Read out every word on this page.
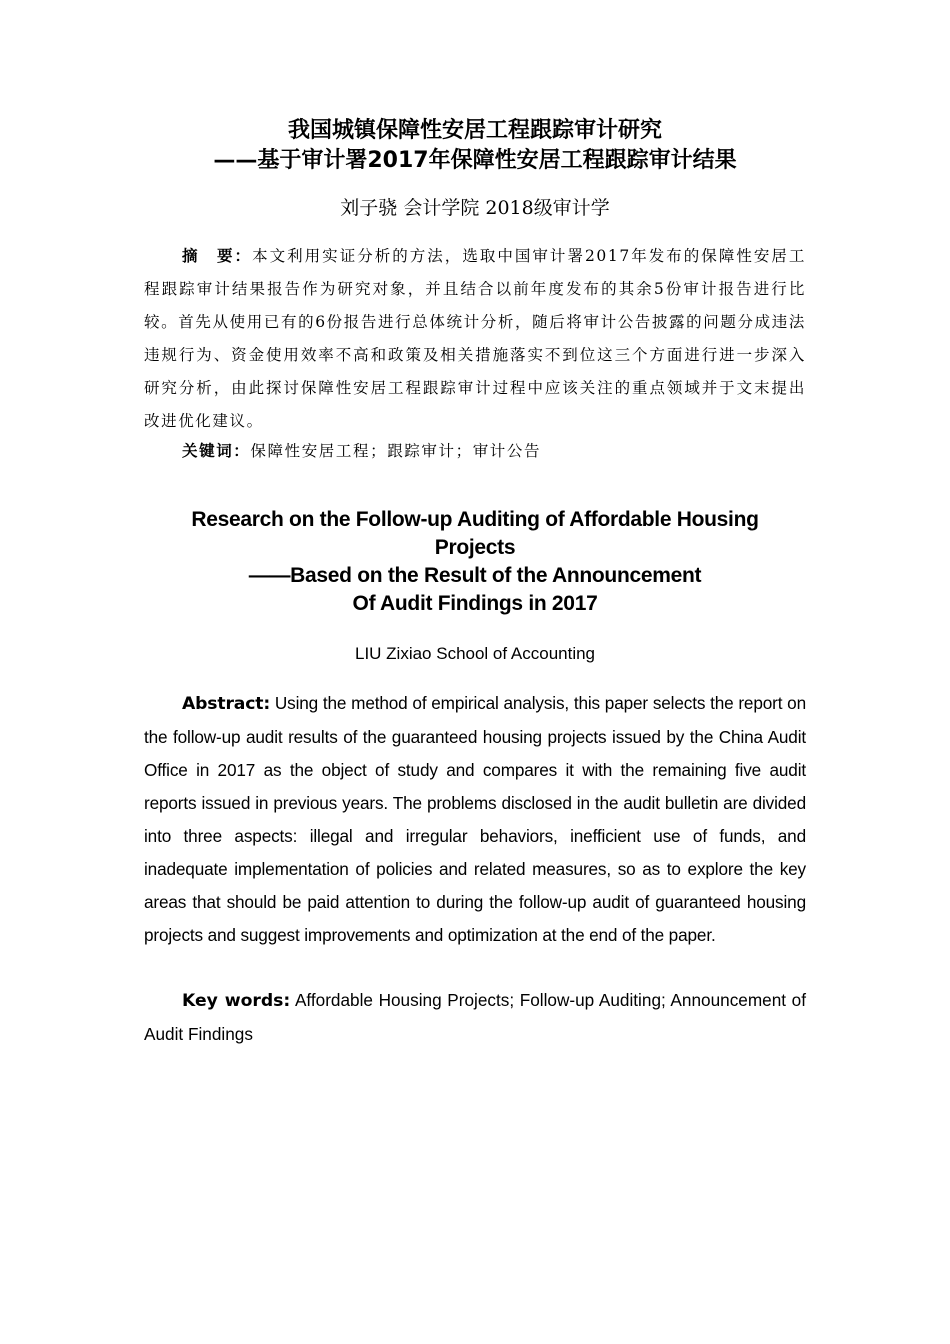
我国城镇保障性安居工程跟踪审计研究
——基于审计署2017年保障性安居工程跟踪审计结果

刘子骁 会计学院 2018级审计学

摘　要：本文利用实证分析的方法，选取中国审计署2017年发布的保障性安居工程跟踪审计结果报告作为研究对象，并且结合以前年度发布的其余5份审计报告进行比较。首先从使用已有的6份报告进行总体统计分析，随后将审计公告披露的问题分成违法违规行为、资金使用效率不高和政策及相关措施落实不到位这三个方面进行进一步深入研究分析，由此探讨保障性安居工程跟踪审计过程中应该关注的重点领域并于文末提出改进优化建议。

关键词：保障性安居工程；跟踪审计；审计公告

Research on the Follow-up Auditing of Affordable Housing
Projects
——Based on the Result of the Announcement
Of Audit Findings in 2017

LIU Zixiao School of Accounting

Abstract: Using the method of empirical analysis, this paper selects the report on the follow-up audit results of the guaranteed housing projects issued by the China Audit Office in 2017 as the object of study and compares it with the remaining five audit reports issued in previous years. The problems disclosed in the audit bulletin are divided into three aspects: illegal and irregular behaviors, inefficient use of funds, and inadequate implementation of policies and related measures, so as to explore the key areas that should be paid attention to during the follow-up audit of guaranteed housing projects and suggest improvements and optimization at the end of the paper.

Key words: Affordable Housing Projects; Follow-up Auditing; Announcement of Audit Findings
